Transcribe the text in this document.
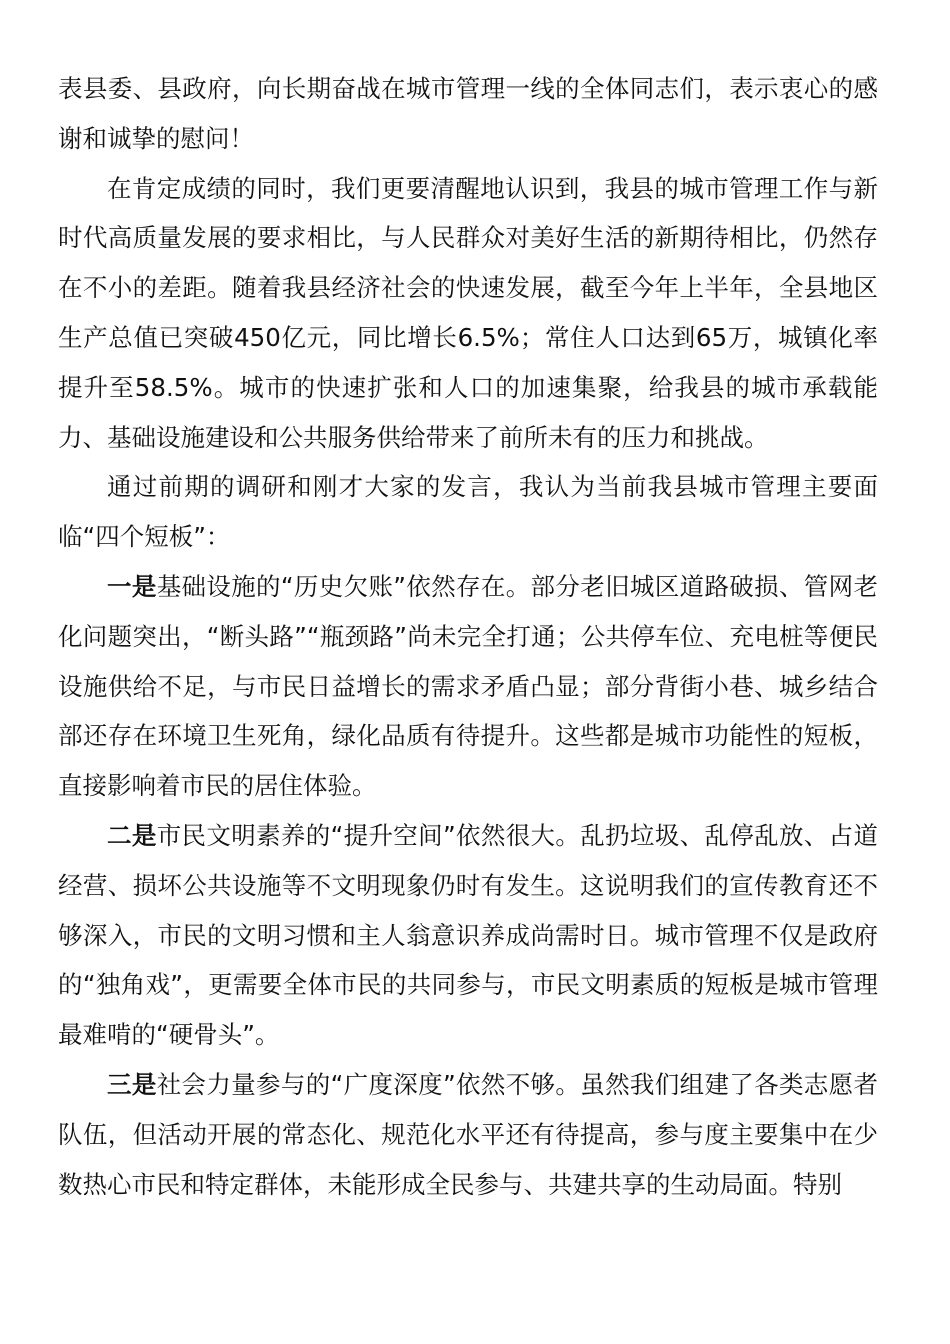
表县委、县政府，向长期奋战在城市管理一线的全体同志们，表示衷心的感谢和诚挚的慰问！

在肯定成绩的同时，我们更要清醒地认识到，我县的城市管理工作与新时代高质量发展的要求相比，与人民群众对美好生活的新期待相比，仍然存在不小的差距。随着我县经济社会的快速发展，截至今年上半年，全县地区生产总值已突破450亿元，同比增长6.5%；常住人口达到65万，城镇化率提升至58.5%。城市的快速扩张和人口的加速集聚，给我县的城市承载能力、基础设施建设和公共服务供给带来了前所未有的压力和挑战。

通过前期的调研和刚才大家的发言，我认为当前我县城市管理主要面临“四个短板”：

一是基础设施的“历史欠账”依然存在。部分老旧城区道路破损、管网老化问题突出，“断头路”“瓶颈路”尚未完全打通；公共停车位、充电桩等便民设施供给不足，与市民日益增长的需求矛盾凸显；部分背街小巷、城乡结合部还存在环境卫生死角，绿化品质有待提升。这些都是城市功能性的短板，直接影响着市民的居住体验。

二是市民文明素养的“提升空间”依然很大。乱扔垃圾、乱停乱放、占道经营、损坏公共设施等不文明现象仍时有发生。这说明我们的宣传教育还不够深入，市民的文明习惯和主人翁意识养成尚需时日。城市管理不仅是政府的“独角戏”，更需要全体市民的共同参与，市民文明素质的短板是城市管理最难啃的“硬骨头”。

三是社会力量参与的“广度深度”依然不够。虽然我们组建了各类志愿者队伍，但活动开展的常态化、规范化水平还有待提高，参与度主要集中在少数热心市民和特定群体，未能形成全民参与、共建共享的生动局面。特别
